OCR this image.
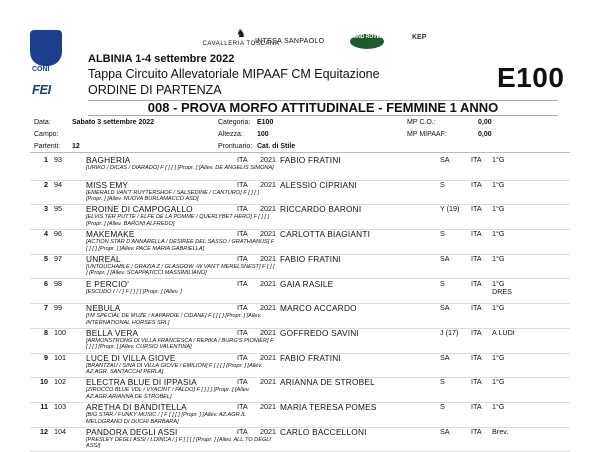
FISE
CONI
FEI
♞
CAVALLERIA TOSCANA
INTESA SANPAOLO
LAND ROVER	KEP
ALBINIA 1-4 settembre 2022
Tappa Circuito Allevatoriale MIPAAF CM Equitazione
ORDINE DI PARTENZA	E100
008 - PROVA MORFO ATTITUDINALE - FEMMINE 1 ANNO
Data:	Sabato 3 settembre 2022
Campo:
Partenti: 12
Categoria: E100
Altezza: 100
Prontuario: Cat. di Stile
MP C.O.:	0,00
MP MIPAAF:	0,00
1 93	BAGHERIA	ITA 2021 FABIO FRATINI	SA	ITA 1°G
[URIKO / DICAS / DIARADO] F [ ] [ ] [Propr. ] [Allev. DE ANGELIS SIMONA]
2 94	MISS EMY	ITA 2021 ALESSIO CIPRIANI	S	ITA 1°G
[EMERALD VAN'T RUYTERSHOF / SALSEDINE / CANTURO] F [ ] [ ] [Propr. ] [Allev. NUOVA BURLAMACCO ASD]
3 95	EROINE DI CAMPOGALLO	ITA 2021 RICCARDO BARONI	Y (19) ITA 1°G
[ELVIS TER PUTTE / ELFE DE LA POMME / QUERLYBET HERO] F [ ] [ ] [Propr. ] [Allev. BARONI ALFREDO]
4 96	MAKEMAKE	ITA 2021 CARLOTTA BIAGIANTI	S	ITA 1°G
[ACTION STAR D'ANNARELLA / DESIREE DEL SASSO / GRATHIANUS] F [ ] [ ] [Propr. ] [Allev. PACE MARIA GABRIELLA]
5 97	UNREAL	ITA 2021 FABIO FRATINI	SA	ITA 1°G
[UNTOUCHABLE / GRAZIA Z / GLASGOW -W VAN'T MERELSNEST] F [ ] [ ] [Propr. ] [Allev. SCAPPATICCI MASSIMILIANO]
6 98	E PERCIO'	ITA 2021 GAIA RASILE	S	ITA 1°G
DRES
[ESCUDO I / / ] F [ ] [ ] [Propr. ] [Allev. ]
7 99	NEBULA	ITA 2021 MARCO ACCARDO	SA	ITA 1°G
[I'M SPECIAL DE MUZE / KAPARDIE / CIDANE] F [ ] [ ] [Propr. ] [Allev. INTERNATIONAL HORSES SRL]
8 100 BELLA VERA	ITA 2021 GOFFREDO SAVINI	J (17) ITA A LUDI
[ARMONSTRONG DI VILLA FRANCESCA / REPIKA / BURG'S PIONIER] F [ ] [ ] [Propr. ] [Allev. CURSIO VALENTINA]
9 101 LUCE DI VILLA GIOVE	ITA 2021 FABIO FRATINI	SA	ITA 1°G
[BRANTZAU / SINA DI VILLA GIOVE / EMILION] F [ ] [ ] [Propr. ] [Allev. AZ.AGR. SANTACCHI PERLA]
10 102 ELECTRA BLUE DI IPPASIA	ITA 2021 ARIANNA DE STROBEL	S	ITA 1°G
[ZIROCCO BLUE VDL / VYACINT / FALDO] F [ ] [ ] [Propr. ] [Allev. AZ.AGR.ARIANNA DE STROBEL]
11 103 ARETHA DI BANDITELLA	ITA 2021 MARIA TERESA POMES	S	ITA 1°G
[BIG STAR / FUNKY MUSIC / ] F [ ] [ ] [Propr. ] [Allev. AZ.AGR.IL MELOGRANO DI DUCHI BARBARA]
12 104 PANDORA DEGLI ASSI	ITA 2021 CARLO BACCELLONI	SA	ITA Brev.
[PRESLEY DEGLI ASSI / LOINCA / ] F [ ] [ ] [Propr. ] [Allev. ALL.TO DEGLI ASSI]
